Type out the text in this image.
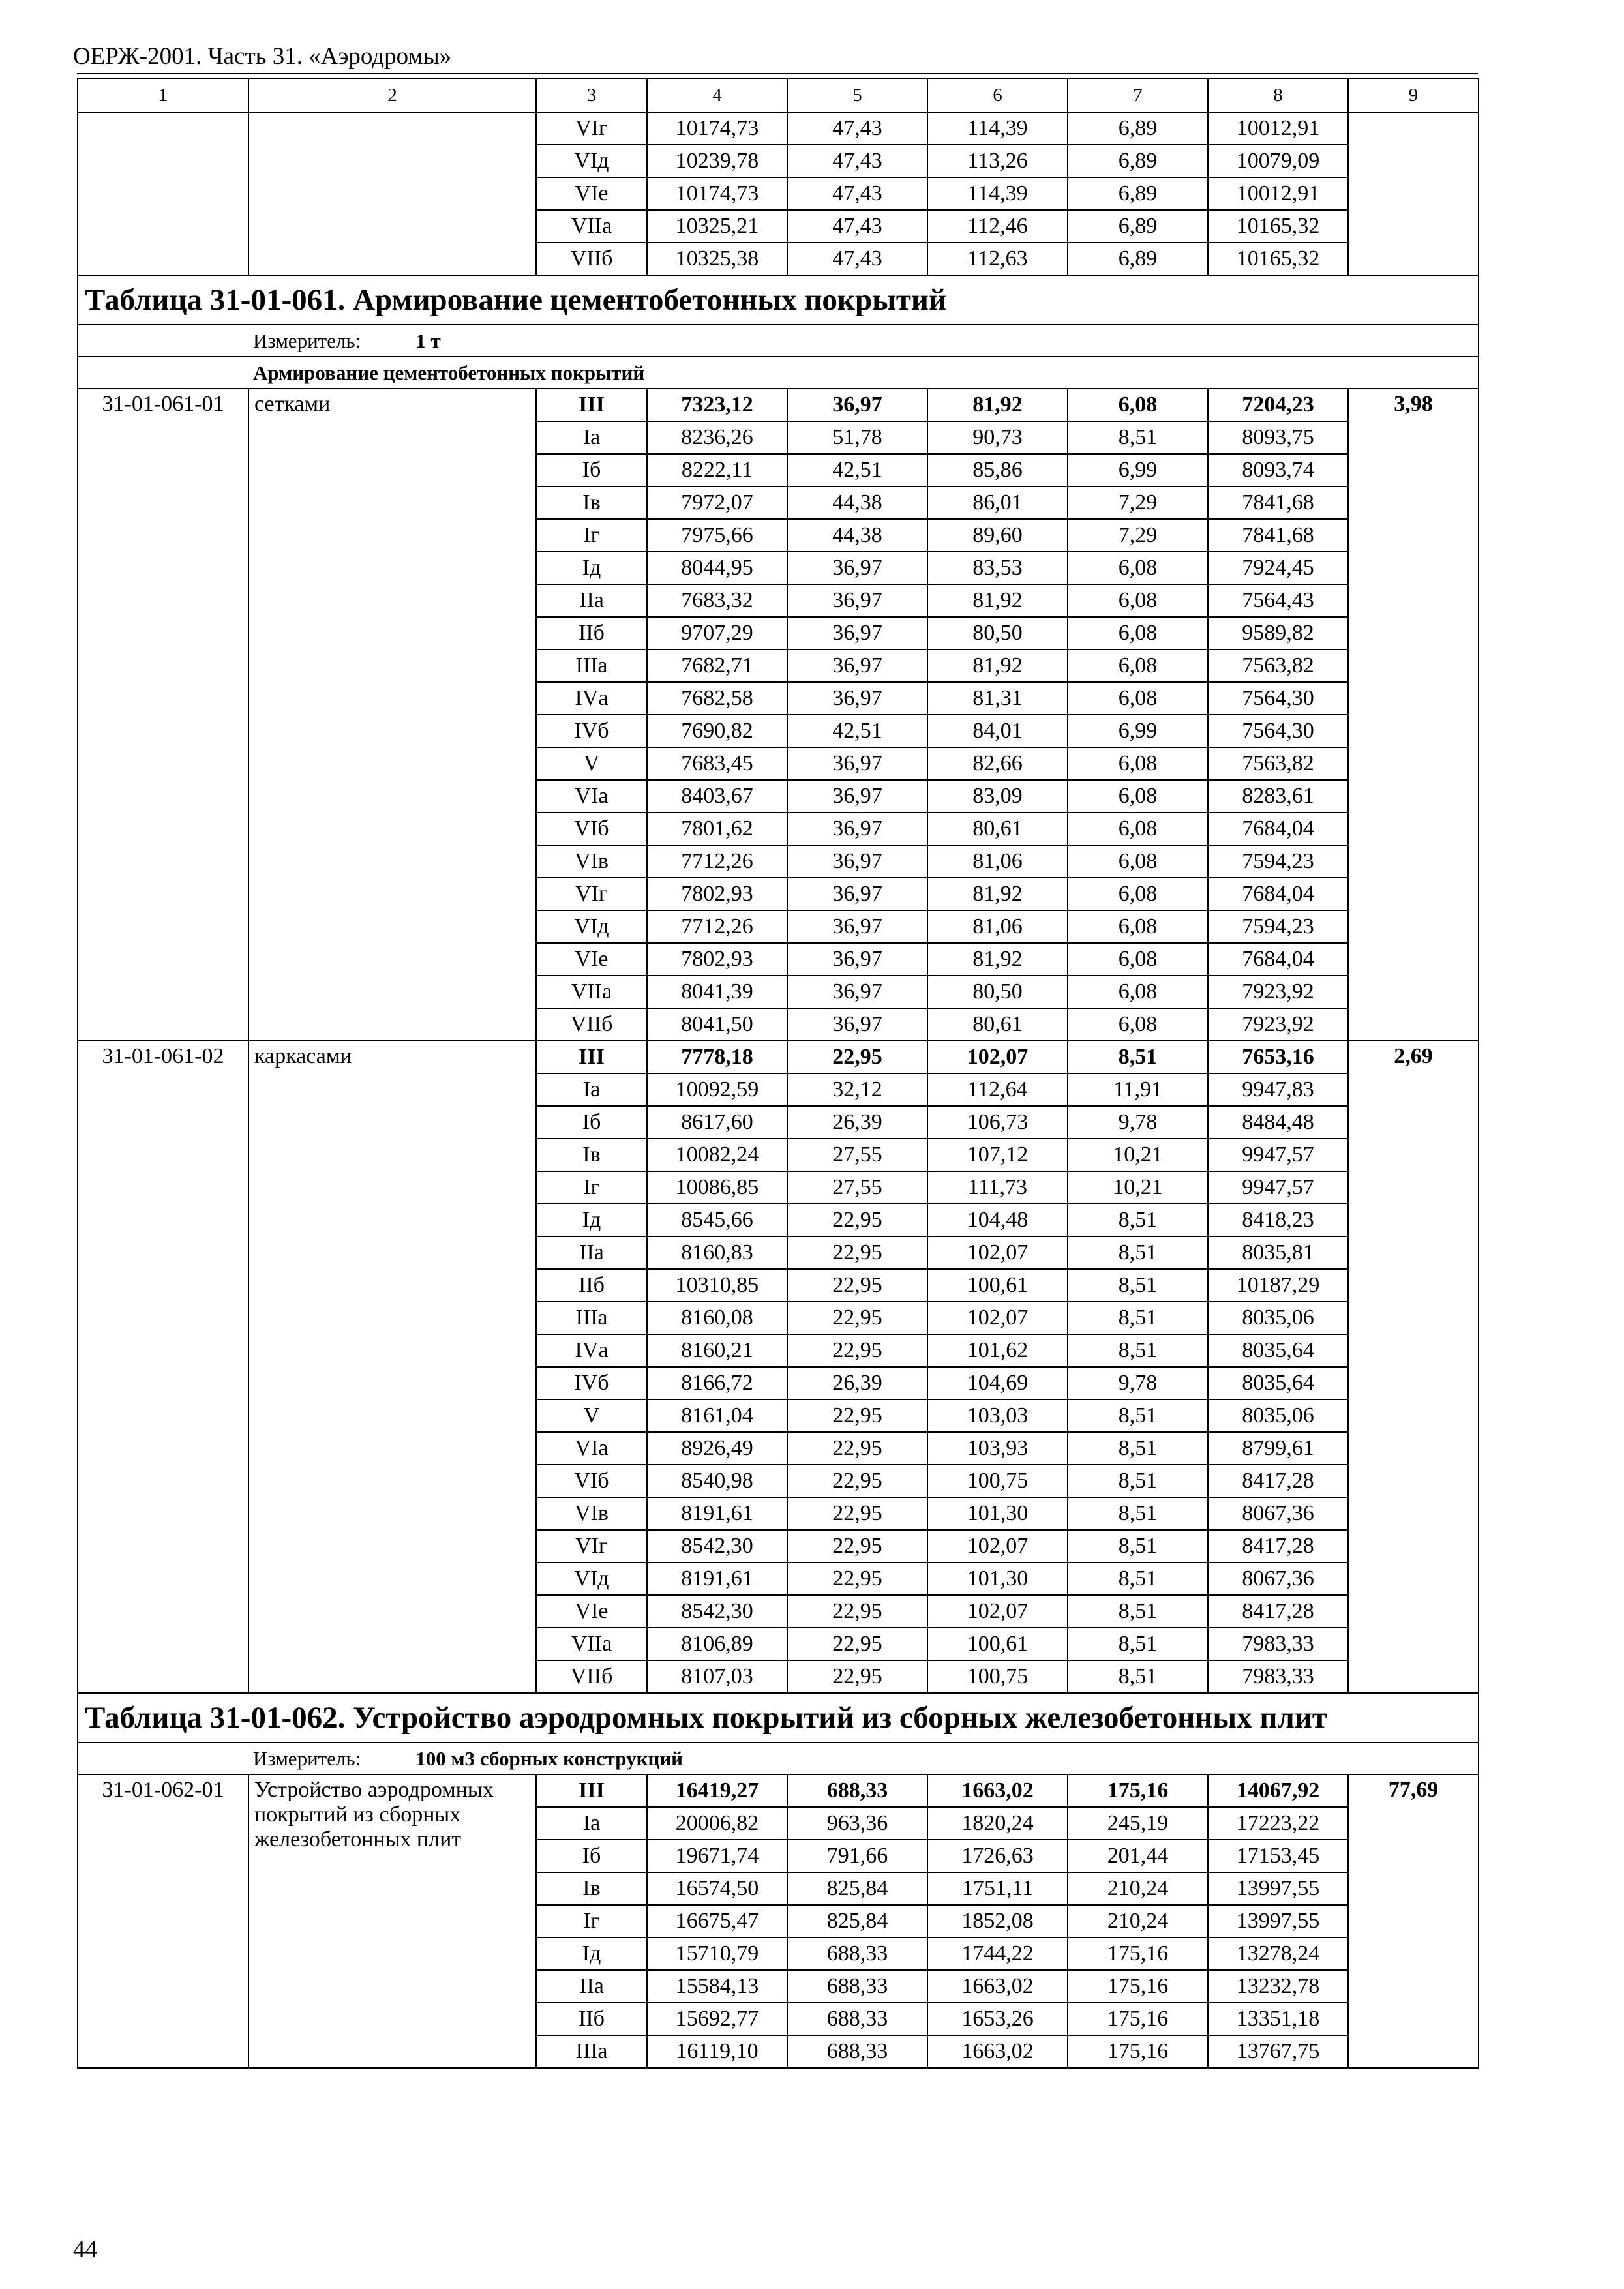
ОЕРЖ-2001. Часть 31. «Аэродромы»
1	2	3	4	5	6	7	8	9
		VIг	10174,73	47,43	114,39	6,89	10012,91	
		VIд	10239,78	47,43	113,26	6,89	10079,09	
		VIе	10174,73	47,43	114,39	6,89	10012,91	
		VIIа	10325,21	47,43	112,46	6,89	10165,32	
		VIIб	10325,38	47,43	112,63	6,89	10165,32	
Таблица 31-01-061. Армирование цементобетонных покрытий								
Измеритель: 1 т								
Армирование цементобетонных покрытий								
31-01-061-01	сетками	III	7323,12	36,97	81,92	6,08	7204,23	3,98
		Iа	8236,26	51,78	90,73	8,51	8093,75	
		Iб	8222,11	42,51	85,86	6,99	8093,74	
		Iв	7972,07	44,38	86,01	7,29	7841,68	
		Iг	7975,66	44,38	89,60	7,29	7841,68	
		Iд	8044,95	36,97	83,53	6,08	7924,45	
		IIа	7683,32	36,97	81,92	6,08	7564,43	
		IIб	9707,29	36,97	80,50	6,08	9589,82	
		IIIа	7682,71	36,97	81,92	6,08	7563,82	
		IVа	7682,58	36,97	81,31	6,08	7564,30	
		IVб	7690,82	42,51	84,01	6,99	7564,30	
		V	7683,45	36,97	82,66	6,08	7563,82	
		VIа	8403,67	36,97	83,09	6,08	8283,61	
		VIб	7801,62	36,97	80,61	6,08	7684,04	
		VIв	7712,26	36,97	81,06	6,08	7594,23	
		VIг	7802,93	36,97	81,92	6,08	7684,04	
		VIд	7712,26	36,97	81,06	6,08	7594,23	
		VIе	7802,93	36,97	81,92	6,08	7684,04	
		VIIа	8041,39	36,97	80,50	6,08	7923,92	
		VIIб	8041,50	36,97	80,61	6,08	7923,92	
31-01-061-02	каркасами	III	7778,18	22,95	102,07	8,51	7653,16	2,69
		Iа	10092,59	32,12	112,64	11,91	9947,83	
		Iб	8617,60	26,39	106,73	9,78	8484,48	
		Iв	10082,24	27,55	107,12	10,21	9947,57	
		Iг	10086,85	27,55	111,73	10,21	9947,57	
		Iд	8545,66	22,95	104,48	8,51	8418,23	
		IIа	8160,83	22,95	102,07	8,51	8035,81	
		IIб	10310,85	22,95	100,61	8,51	10187,29	
		IIIа	8160,08	22,95	102,07	8,51	8035,06	
		IVа	8160,21	22,95	101,62	8,51	8035,64	
		IVб	8166,72	26,39	104,69	9,78	8035,64	
		V	8161,04	22,95	103,03	8,51	8035,06	
		VIа	8926,49	22,95	103,93	8,51	8799,61	
		VIб	8540,98	22,95	100,75	8,51	8417,28	
		VIв	8191,61	22,95	101,30	8,51	8067,36	
		VIг	8542,30	22,95	102,07	8,51	8417,28	
		VIд	8191,61	22,95	101,30	8,51	8067,36	
		VIе	8542,30	22,95	102,07	8,51	8417,28	
		VIIа	8106,89	22,95	100,61	8,51	7983,33	
		VIIб	8107,03	22,95	100,75	8,51	7983,33	
Таблица 31-01-062. Устройство аэродромных покрытий из сборных железобетонных плит								
Измеритель: 100 м3 сборных конструкций								
31-01-062-01	Устройство аэродромных покрытий из сборных железобетонных плит	III	16419,27	688,33	1663,02	175,16	14067,92	77,69
		Iа	20006,82	963,36	1820,24	245,19	17223,22	
		Iб	19671,74	791,66	1726,63	201,44	17153,45	
		Iв	16574,50	825,84	1751,11	210,24	13997,55	
		Iг	16675,47	825,84	1852,08	210,24	13997,55	
		Iд	15710,79	688,33	1744,22	175,16	13278,24	
		IIа	15584,13	688,33	1663,02	175,16	13232,78	
		IIб	15692,77	688,33	1653,26	175,16	13351,18	
		IIIа	16119,10	688,33	1663,02	175,16	13767,75	
44
